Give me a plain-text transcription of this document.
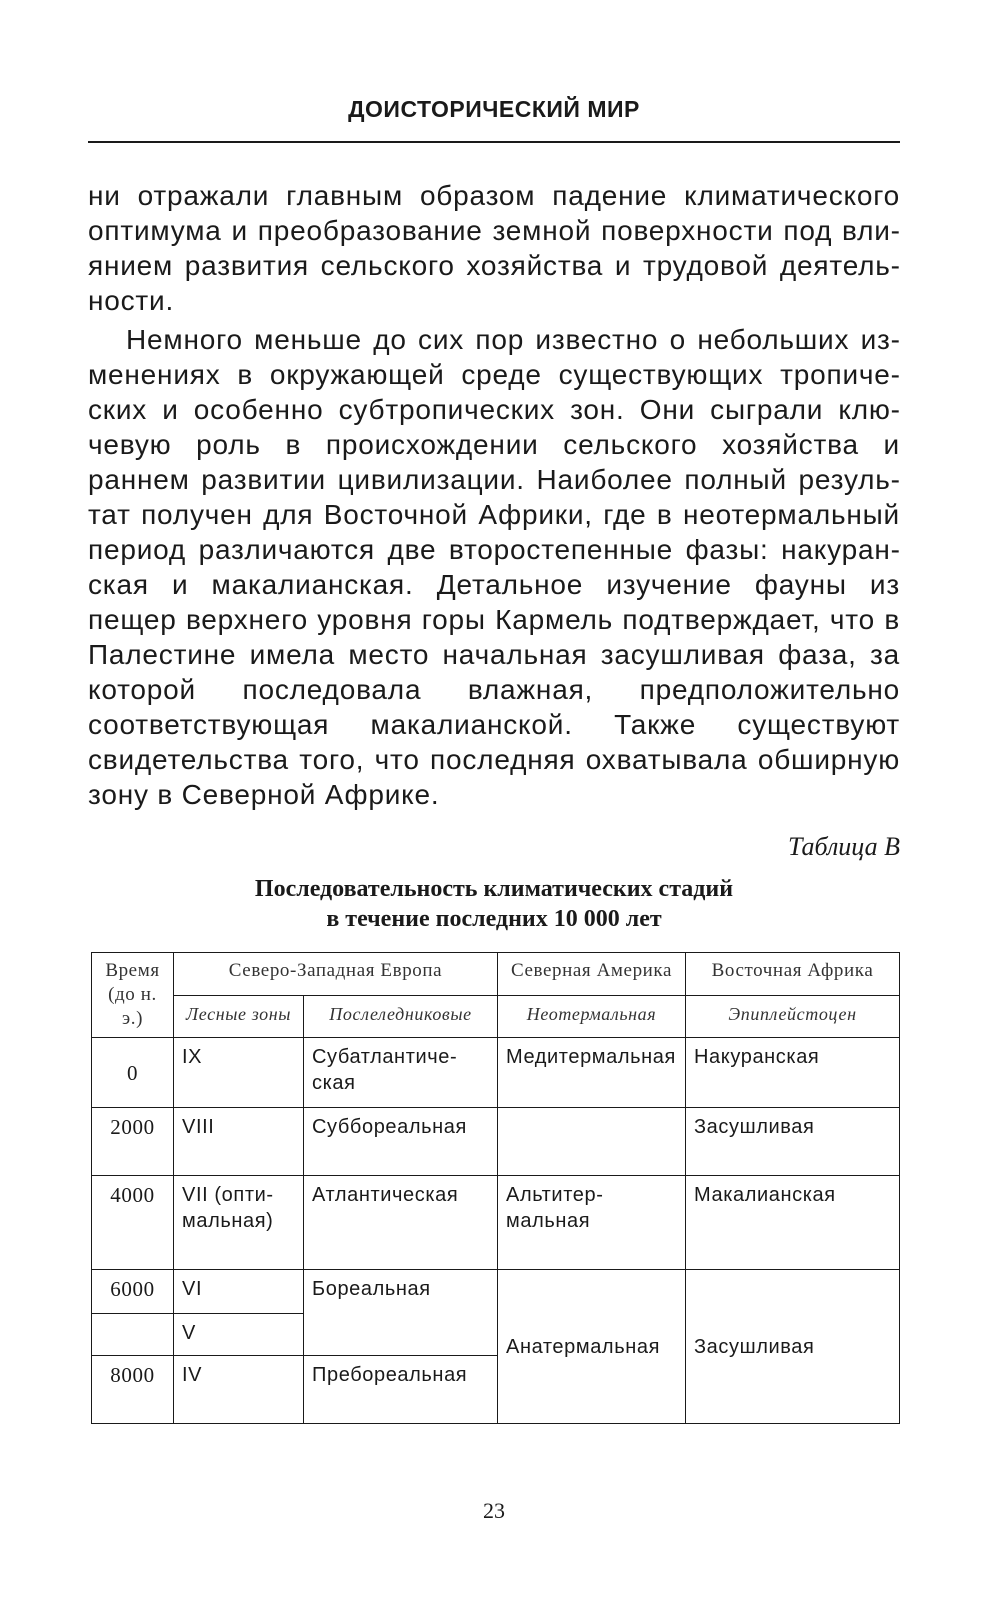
ДОИСТОРИЧЕСКИЙ МИР

ни отражали главным образом падение климатического оптимума и преобразование земной поверхности под влиянием развития сельского хозяйства и трудовой деятельности.

Немного меньше до сих пор известно о небольших изменениях в окружающей среде существующих тропических и особенно субтропических зон. Они сыграли ключевую роль в происхождении сельского хозяйства и раннем развитии цивилизации. Наиболее полный результат получен для Восточной Африки, где в неотермальный период различаются две второстепенные фазы: накуранская и макалианская. Детальное изучение фауны из пещер верхнего уровня горы Кармель подтверждает, что в Палестине имела место начальная засушливая фаза, за которой последовала влажная, предположительно соответствующая макалианской. Также существуют свидетельства того, что последняя охватывала обширную зону в Северной Африке.

Таблица В
Последовательность климатических стадий
в течение последних 10 000 лет
Время (до н. э.)	Северо-Западная Европа		Северная Америка	Восточная Африка
	Лесные зоны	Послеледниковые	Неотермальная	Эпиплейстоцен
0	IX	Субатлантическая	Медитермальная	Накуранская
2000	VIII	Суббореальная		Засушливая
4000	VII (оптимальная)	Атлантическая	Альтитермальная	Макалианская
6000	VI	Бореальная	Анатермальная	Засушливая
	V			
8000	IV	Пребореальная		
23
